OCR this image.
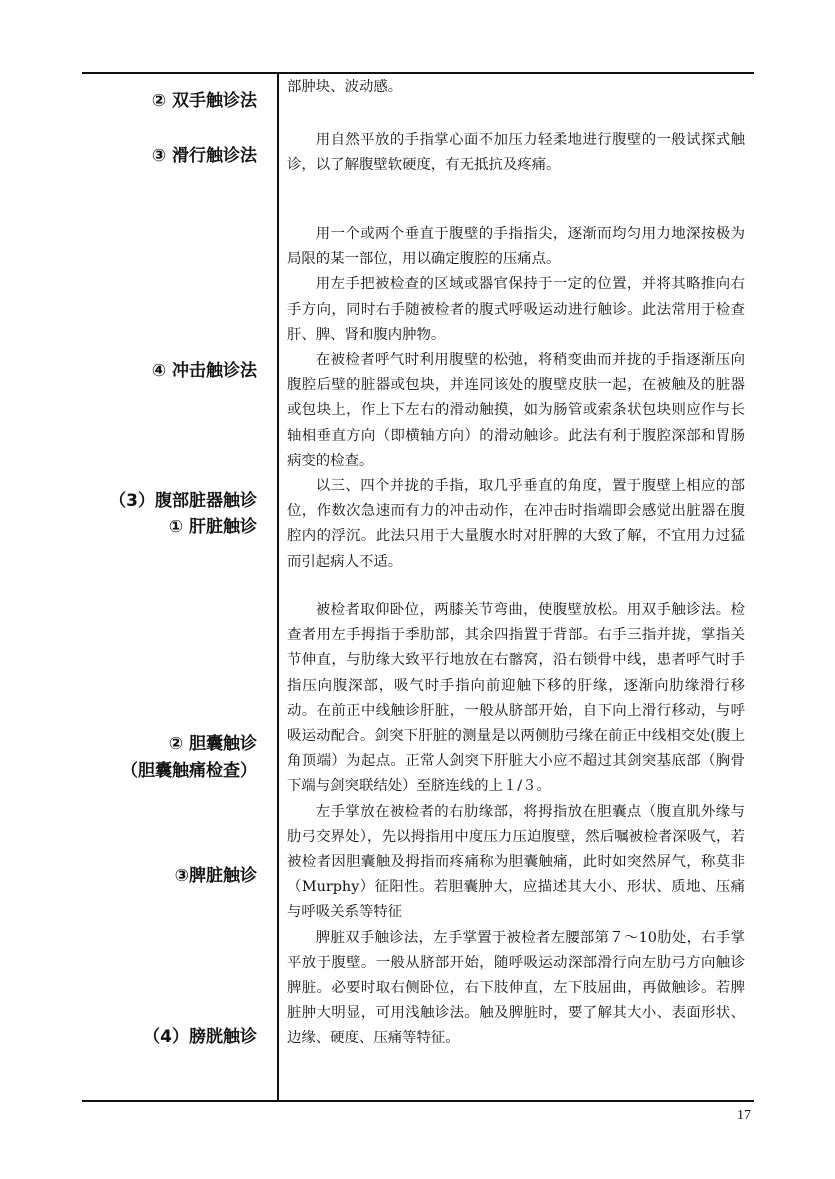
② 双手触诊法
③ 滑行触诊法
④ 冲击触诊法
（3）腹部脏器触诊
① 肝脏触诊
② 胆囊触诊
（胆囊触痛检查）
③脾脏触诊
（4）膀胱触诊

部肿块、波动感。

用自然平放的手指掌心面不加压力轻柔地进行腹壁的一般试探式触诊，以了解腹壁软硬度，有无抵抗及疼痛。

用一个或两个垂直于腹壁的手指指尖，逐渐而均匀用力地深按极为局限的某一部位，用以确定腹腔的压痛点。

用左手把被检查的区域或器官保持于一定的位置，并将其略推向右手方向，同时右手随被检者的腹式呼吸运动进行触诊。此法常用于检查肝、脾、肾和腹内肿物。

在被检者呼气时利用腹壁的松弛，将稍变曲而并拢的手指逐渐压向腹腔后壁的脏器或包块，并连同该处的腹壁皮肤一起，在被触及的脏器或包块上，作上下左右的滑动触摸，如为肠管或索条状包块则应作与长轴相垂直方向（即横轴方向）的滑动触诊。此法有利于腹腔深部和胃肠病变的检查。

以三、四个并拢的手指，取几乎垂直的角度，置于腹壁上相应的部位，作数次急速而有力的冲击动作，在冲击时指端即会感觉出脏器在腹腔内的浮沉。此法只用于大量腹水时对肝脾的大致了解，不宜用力过猛而引起病人不适。

被检者取仰卧位，两膝关节弯曲，使腹壁放松。用双手触诊法。检查者用左手拇指于季肋部，其余四指置于背部。右手三指并拢，掌指关节伸直，与肋缘大致平行地放在右髂窝，沿右锁骨中线，患者呼气时手指压向腹深部，吸气时手指向前迎触下移的肝缘，逐渐向肋缘滑行移动。在前正中线触诊肝脏，一般从脐部开始，自下向上滑行移动，与呼吸运动配合。剑突下肝脏的测量是以两侧肋弓缘在前正中线相交处(腹上角顶端）为起点。正常人剑突下肝脏大小应不超过其剑突基底部（胸骨下端与剑突联结处）至脐连线的上１/３。

左手掌放在被检者的右肋缘部，将拇指放在胆囊点（腹直肌外缘与肋弓交界处），先以拇指用中度压力压迫腹壁，然后嘱被检者深吸气，若被检者因胆囊触及拇指而疼痛称为胆囊触痛，此时如突然屏气，称莫非（Murphy）征阳性。若胆囊肿大，应描述其大小、形状、质地、压痛与呼吸关系等特征

脾脏双手触诊法，左手掌置于被检者左腰部第７～10肋处，右手掌平放于腹壁。一般从脐部开始，随呼吸运动深部滑行向左肋弓方向触诊脾脏。必要时取右侧卧位，右下肢伸直，左下肢屈曲，再做触诊。若脾脏肿大明显，可用浅触诊法。触及脾脏时，要了解其大小、表面形状、边缘、硬度、压痛等特征。

17
